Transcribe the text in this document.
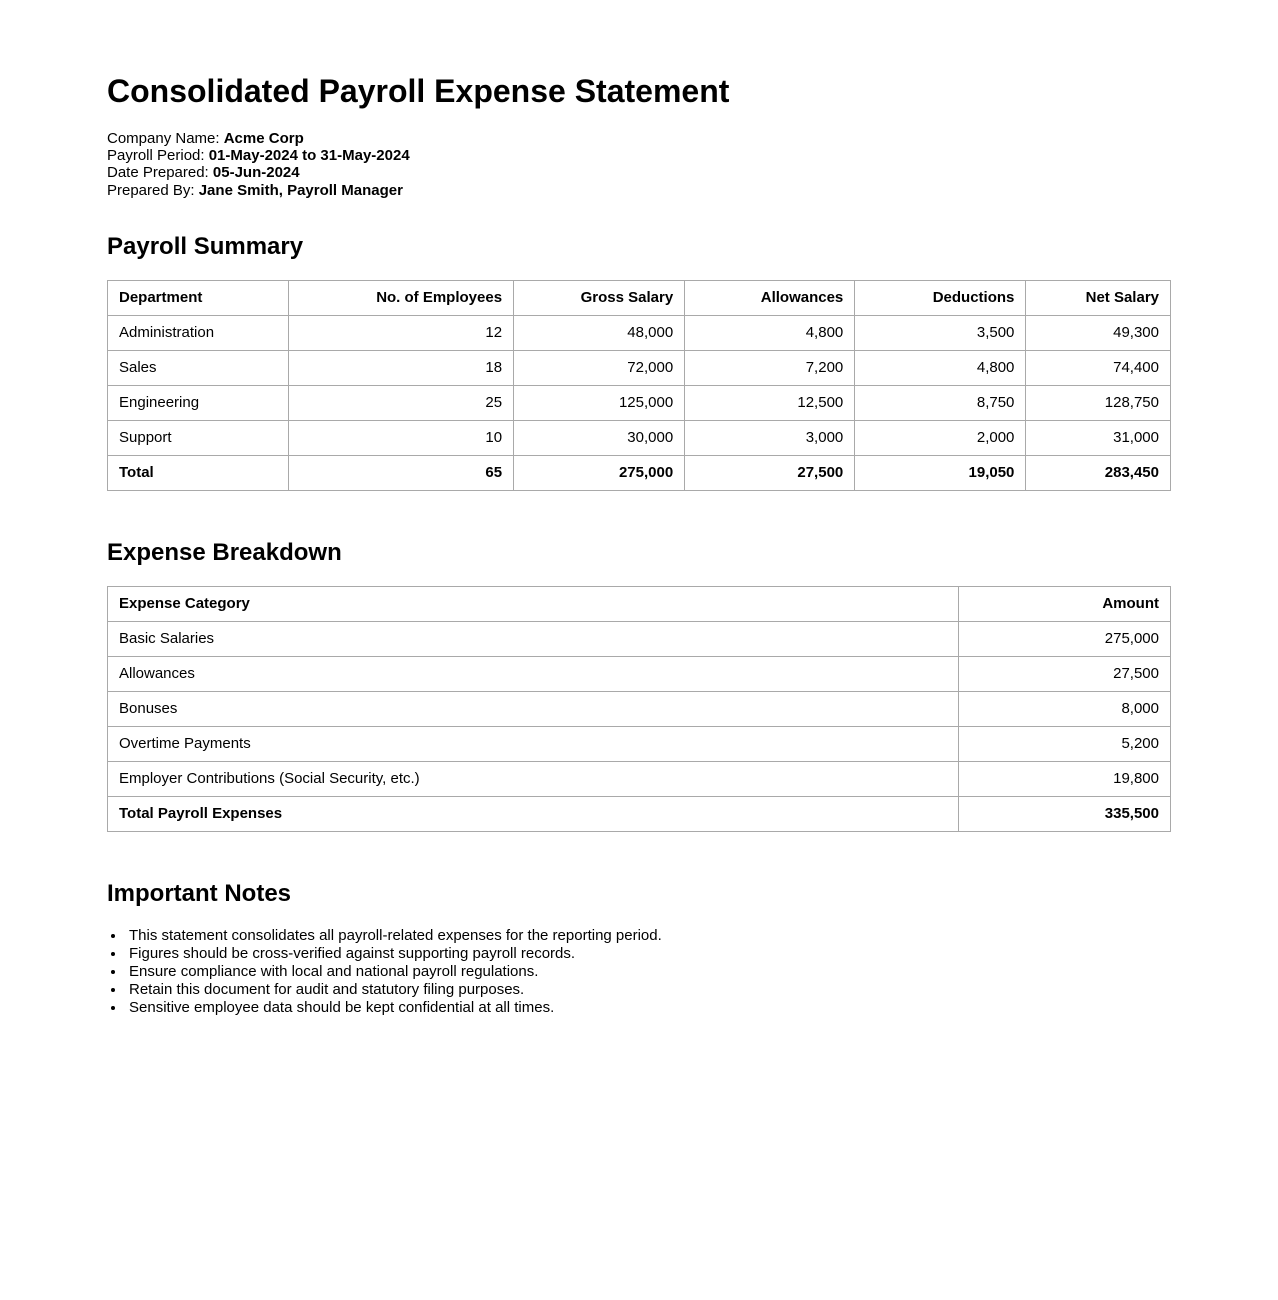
Consolidated Payroll Expense Statement
Company Name: Acme Corp
Payroll Period: 01-May-2024 to 31-May-2024
Date Prepared: 05-Jun-2024
Prepared By: Jane Smith, Payroll Manager
Payroll Summary
Department	No. of Employees	Gross Salary	Allowances	Deductions	Net Salary
Administration	12	48,000	4,800	3,500	49,300
Sales	18	72,000	7,200	4,800	74,400
Engineering	25	125,000	12,500	8,750	128,750
Support	10	30,000	3,000	2,000	31,000
Total	65	275,000	27,500	19,050	283,450
Expense Breakdown
Expense Category	Amount
Basic Salaries	275,000
Allowances	27,500
Bonuses	8,000
Overtime Payments	5,200
Employer Contributions (Social Security, etc.)	19,800
Total Payroll Expenses	335,500
Important Notes
• This statement consolidates all payroll-related expenses for the reporting period.
• Figures should be cross-verified against supporting payroll records.
• Ensure compliance with local and national payroll regulations.
• Retain this document for audit and statutory filing purposes.
• Sensitive employee data should be kept confidential at all times.
